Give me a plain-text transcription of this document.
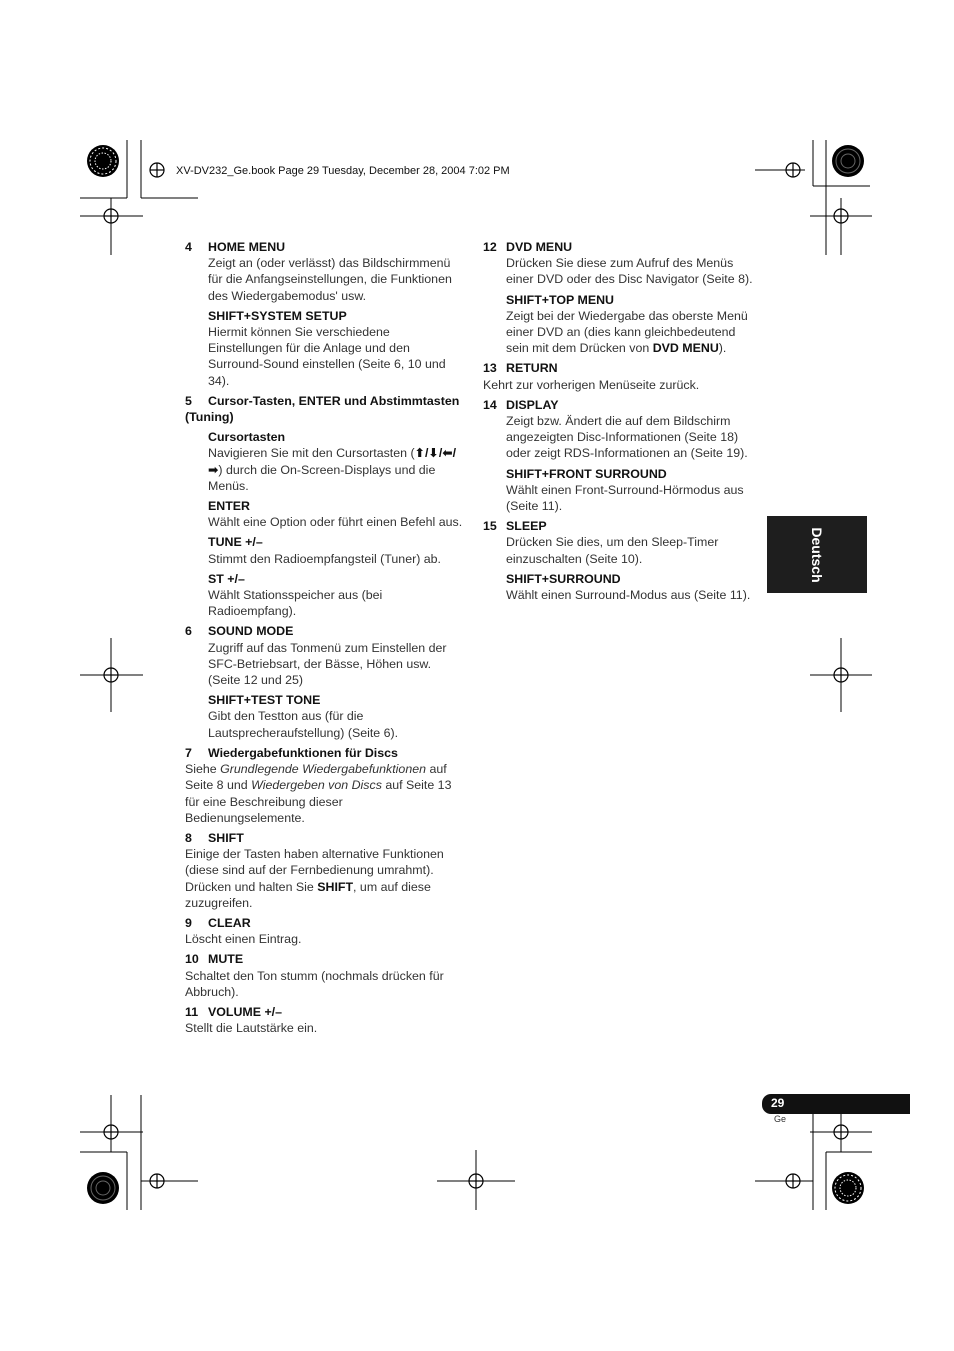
XV-DV232_Ge.book Page 29 Tuesday, December 28, 2004 7:02 PM
4 HOME MENU
Zeigt an (oder verlässt) das Bildschirmmenü für die Anfangseinstellungen, die Funktionen des Wiedergabemodus' usw.
SHIFT+SYSTEM SETUP
Hiermit können Sie verschiedene Einstellungen für die Anlage und den Surround-Sound einstellen (Seite 6, 10 und 34).
5 Cursor-Tasten, ENTER und Abstimmtasten (Tuning)
Cursortasten
Navigieren Sie mit den Cursortasten (⬆/⬇/⬅/➡) durch die On-Screen-Displays und die Menüs.
ENTER
Wählt eine Option oder führt einen Befehl aus.
TUNE +/–
Stimmt den Radioempfangsteil (Tuner) ab.
ST +/–
Wählt Stationsspeicher aus (bei Radioempfang).
6 SOUND MODE
Zugriff auf das Tonmenü zum Einstellen der SFC-Betriebsart, der Bässe, Höhen usw. (Seite 12 und 25)
SHIFT+TEST TONE
Gibt den Testton aus (für die Lautsprecheraufstellung) (Seite 6).
7 Wiedergabefunktionen für Discs
Siehe Grundlegende Wiedergabefunktionen auf Seite 8 und Wiedergeben von Discs auf Seite 13 für eine Beschreibung dieser Bedienungselemente.
8 SHIFT
Einige der Tasten haben alternative Funktionen (diese sind auf der Fernbedienung umrahmt). Drücken und halten Sie SHIFT, um auf diese zuzugreifen.
9 CLEAR
Löscht einen Eintrag.
10 MUTE
Schaltet den Ton stumm (nochmals drücken für Abbruch).
11 VOLUME +/–
Stellt die Lautstärke ein.
12 DVD MENU
Drücken Sie diese zum Aufruf des Menüs einer DVD oder des Disc Navigator (Seite 8).
SHIFT+TOP MENU
Zeigt bei der Wiedergabe das oberste Menü einer DVD an (dies kann gleichbedeutend sein mit dem Drücken von DVD MENU).
13 RETURN
Kehrt zur vorherigen Menüseite zurück.
14 DISPLAY
Zeigt bzw. Ändert die auf dem Bildschirm angezeigten Disc-Informationen (Seite 18) oder zeigt RDS-Informationen an (Seite 19).
SHIFT+FRONT SURROUND
Wählt einen Front-Surround-Hörmodus aus (Seite 11).
15 SLEEP
Drücken Sie dies, um den Sleep-Timer einzuschalten (Seite 10).
SHIFT+SURROUND
Wählt einen Surround-Modus aus (Seite 11).
Deutsch
29
Ge
